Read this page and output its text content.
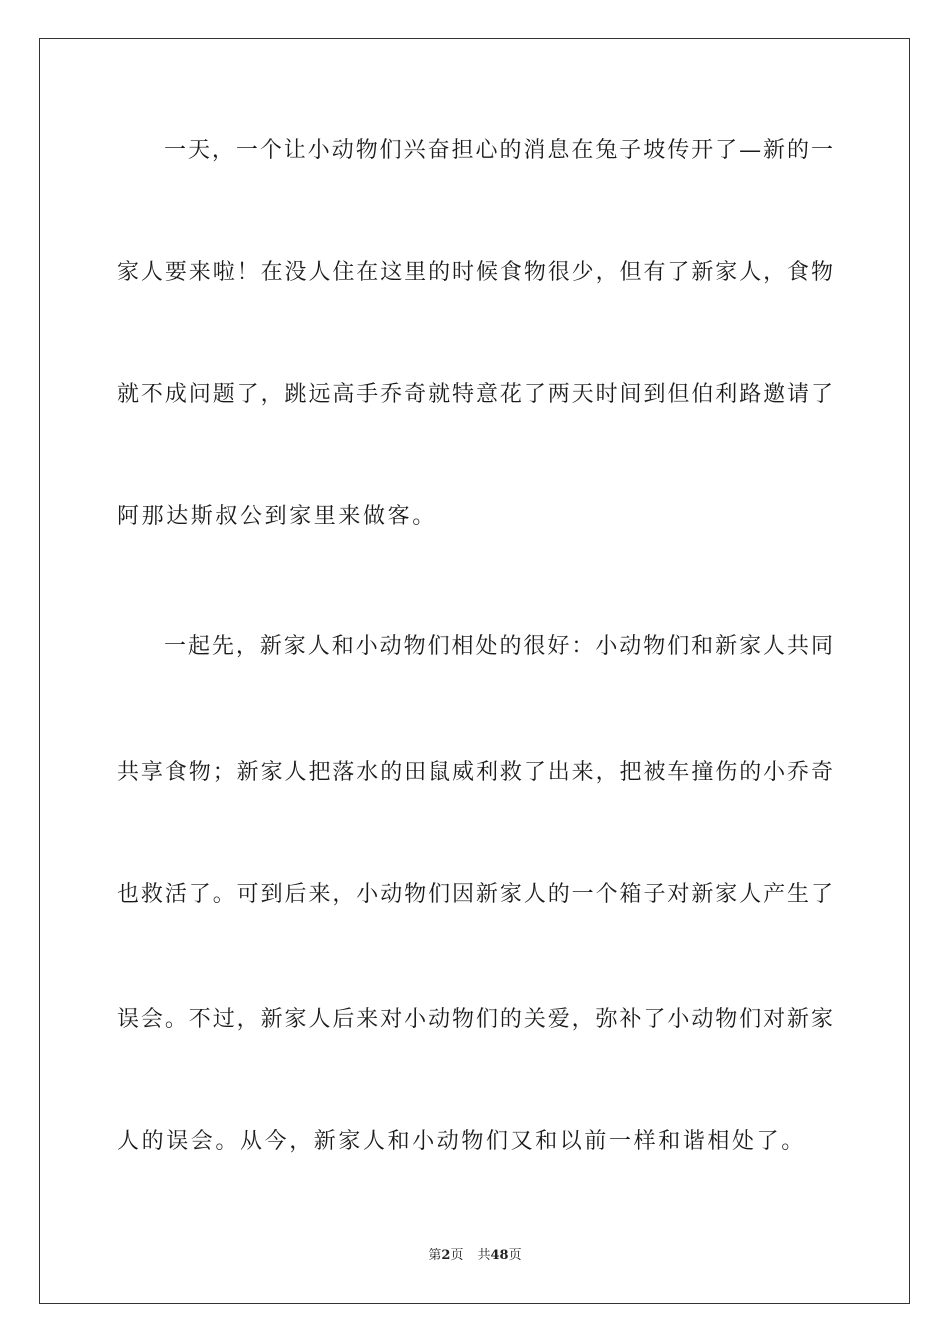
一天，一个让小动物们兴奋担心的消息在兔子坡传开了—新的一
家人要来啦！在没人住在这里的时候食物很少，但有了新家人，食物
就不成问题了，跳远高手乔奇就特意花了两天时间到但伯利路邀请了
阿那达斯叔公到家里来做客。
一起先，新家人和小动物们相处的很好：小动物们和新家人共同
共享食物；新家人把落水的田鼠威利救了出来，把被车撞伤的小乔奇
也救活了。可到后来，小动物们因新家人的一个箱子对新家人产生了
误会。不过，新家人后来对小动物们的关爱，弥补了小动物们对新家
人的误会。从今，新家人和小动物们又和以前一样和谐相处了。
第2页 共48页
